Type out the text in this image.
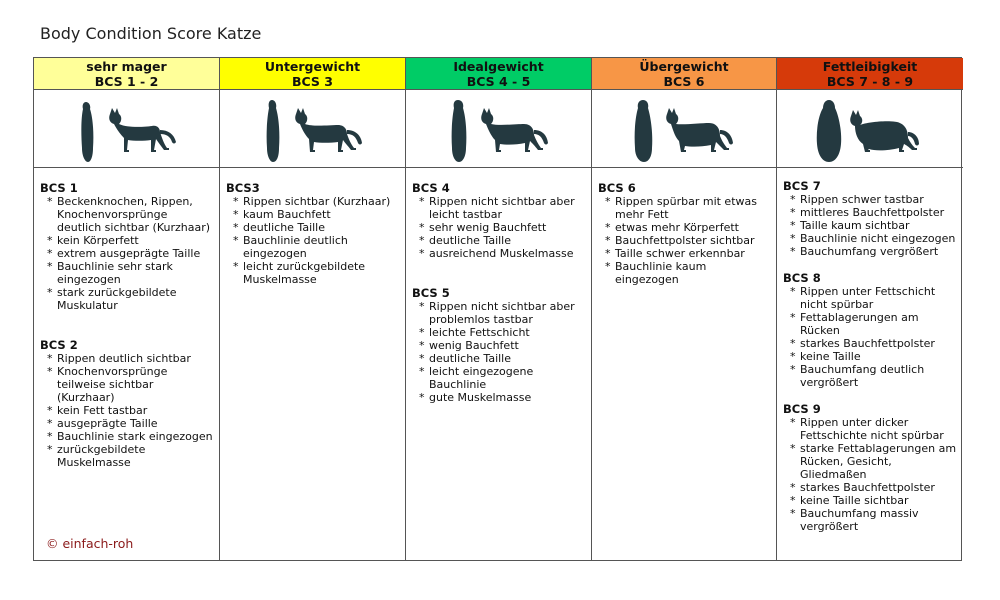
Body Condition Score Katze
sehr mager
BCS 1 - 2
BCS 1
* Beckenknochen, Rippen, Knochenvorsprünge deutlich sichtbar (Kurzhaar)
* kein Körperfett
* extrem ausgeprägte Taille
* Bauchlinie sehr stark eingezogen
* stark zurückgebildete Muskulatur
BCS 2
* Rippen deutlich sichtbar
* Knochenvorsprünge teilweise sichtbar (Kurzhaar)
* kein Fett tastbar
* ausgeprägte Taille
* Bauchlinie stark eingezogen
* zurückgebildete Muskelmasse
© einfach-roh
Untergewicht
BCS 3
BCS3
* Rippen sichtbar (Kurzhaar)
* kaum Bauchfett
* deutliche Taille
* Bauchlinie deutlich eingezogen
* leicht zurückgebildete Muskelmasse
Idealgewicht
BCS 4 - 5
BCS 4
* Rippen nicht sichtbar aber leicht tastbar
* sehr wenig Bauchfett
* deutliche Taille
* ausreichend Muskelmasse
BCS 5
* Rippen nicht sichtbar aber problemlos tastbar
* leichte Fettschicht
* wenig Bauchfett
* deutliche Taille
* leicht eingezogene Bauchlinie
* gute Muskelmasse
Übergewicht
BCS 6
BCS 6
* Rippen spürbar mit etwas mehr Fett
* etwas mehr Körperfett
* Bauchfettpolster sichtbar
* Taille schwer erkennbar
* Bauchlinie kaum eingezogen
Fettleibigkeit
BCS 7 - 8 - 9
BCS 7
* Rippen schwer tastbar
* mittleres Bauchfettpolster
* Taille kaum sichtbar
* Bauchlinie nicht eingezogen
* Bauchumfang vergrößert
BCS 8
* Rippen unter Fettschicht nicht spürbar
* Fettablagerungen am Rücken
* starkes Bauchfettpolster
* keine Taille
* Bauchumfang deutlich vergrößert
BCS 9
* Rippen unter dicker Fettschichte nicht spürbar
* starke Fettablagerungen am Rücken, Gesicht, Gliedmaßen
* starkes Bauchfettpolster
* keine Taille sichtbar
* Bauchumfang massiv vergrößert
